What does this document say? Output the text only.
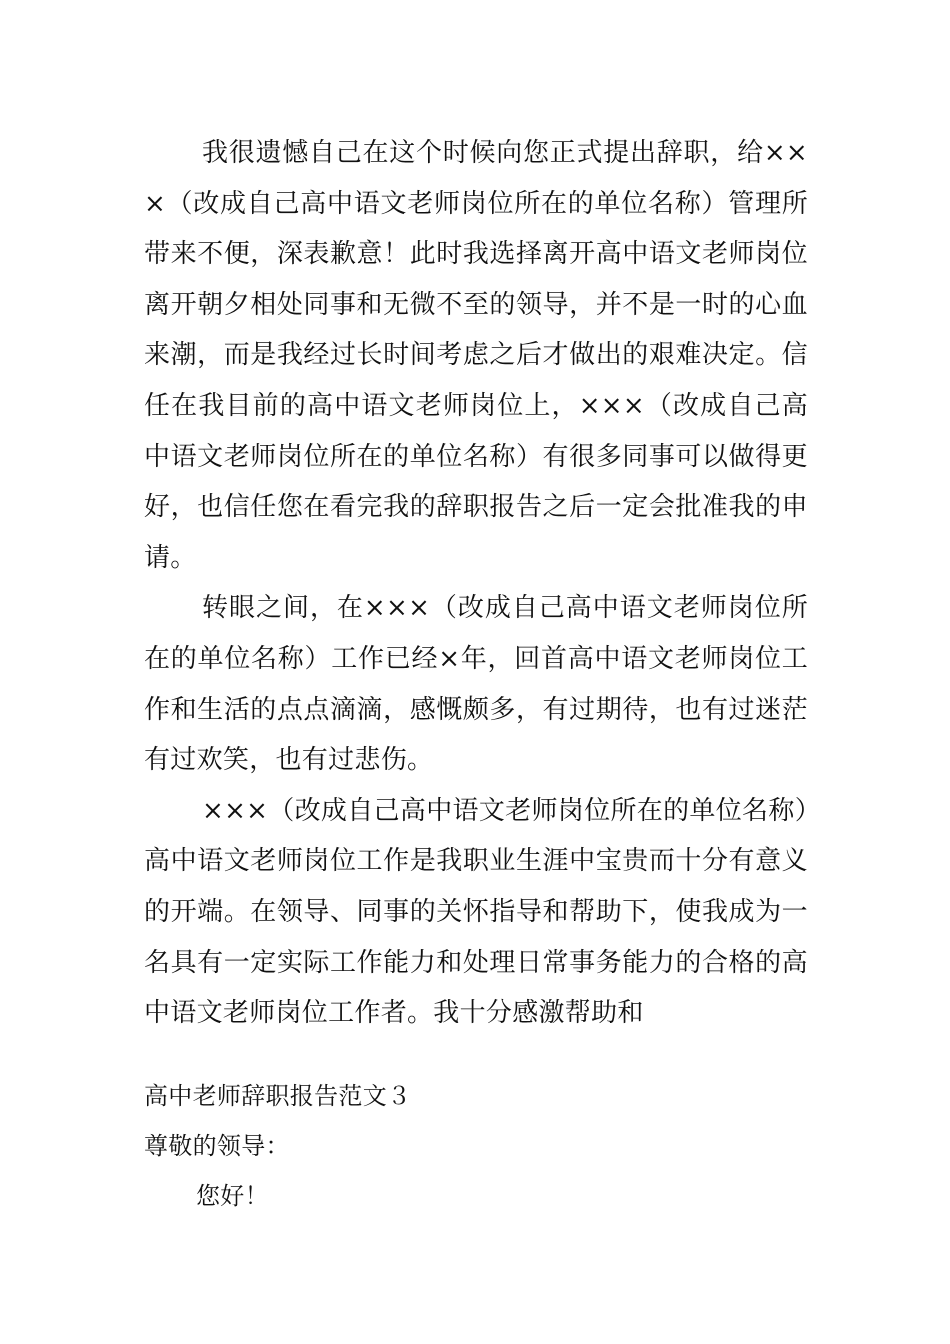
我很遗憾自己在这个时候向您正式提出辞职，给×××（改成自己高中语文老师岗位所在的单位名称）管理所带来不便，深表歉意！此时我选择离开高中语文老师岗位离开朝夕相处同事和无微不至的领导，并不是一时的心血来潮，而是我经过长时间考虑之后才做出的艰难决定。信任在我目前的高中语文老师岗位上，×××（改成自己高中语文老师岗位所在的单位名称）有很多同事可以做得更好，也信任您在看完我的辞职报告之后一定会批准我的申请。

转眼之间，在×××（改成自己高中语文老师岗位所在的单位名称）工作已经×年，回首高中语文老师岗位工作和生活的点点滴滴，感慨颇多，有过期待，也有过迷茫有过欢笑，也有过悲伤。

×××（改成自己高中语文老师岗位所在的单位名称）高中语文老师岗位工作是我职业生涯中宝贵而十分有意义的开端。在领导、同事的关怀指导和帮助下，使我成为一名具有一定实际工作能力和处理日常事务能力的合格的高中语文老师岗位工作者。我十分感激帮助和

高中老师辞职报告范文３

尊敬的领导：

您好！
